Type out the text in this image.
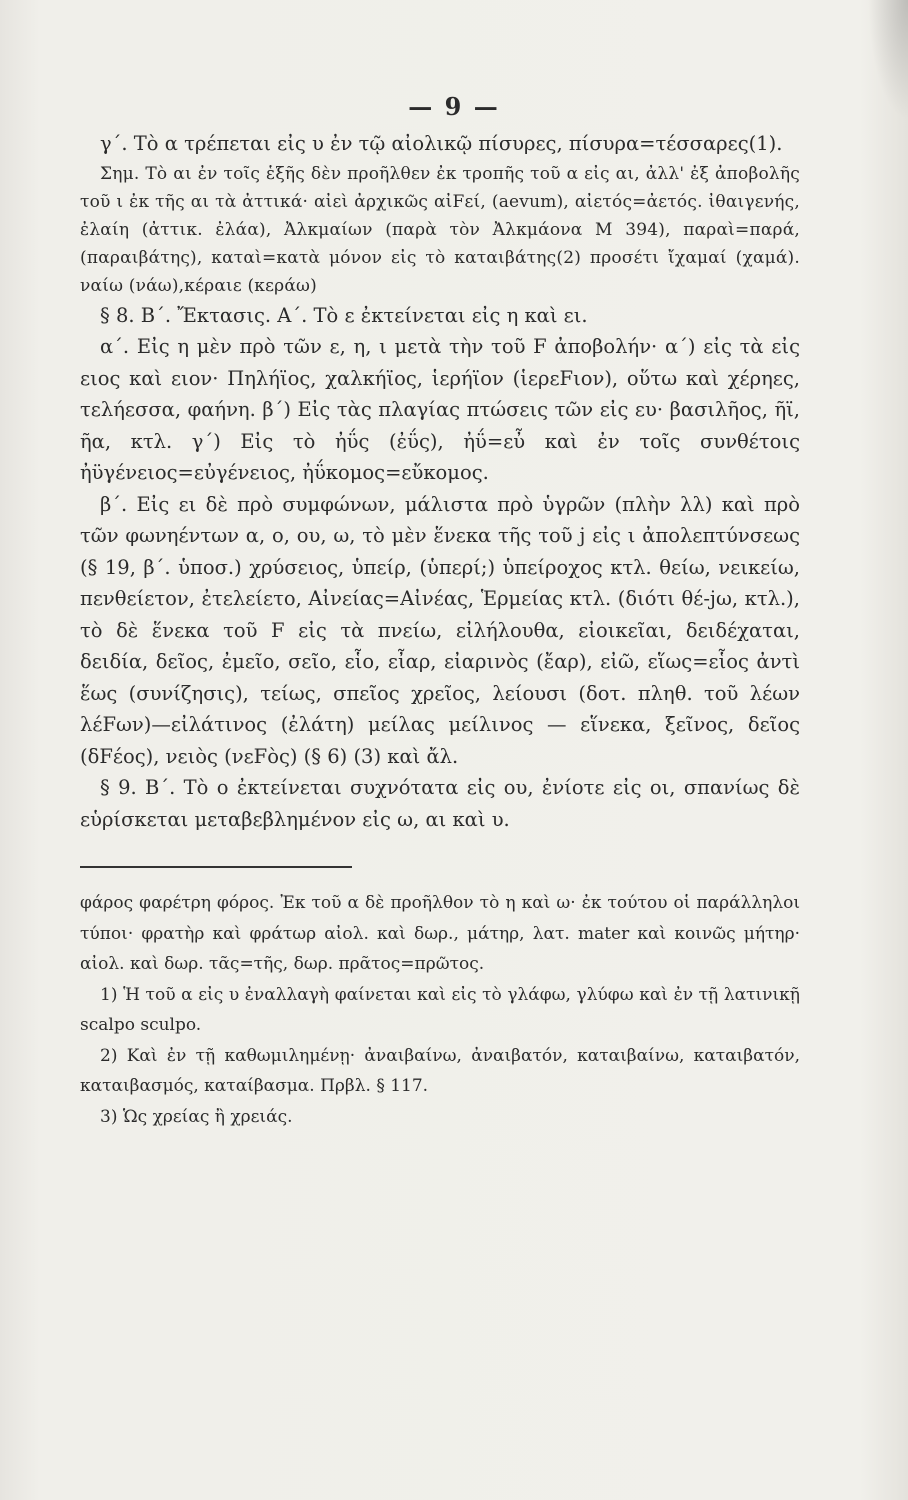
— 9 —

γ΄. Τὸ α τρέπεται εἰς υ ἐν τῷ αἰολικῷ πίσυρες, πίσυρα=τέσσαρες(1).

Σημ. Τὸ αι ἐν τοῖς ἑξῆς δὲν προῆλθεν ἐκ τροπῆς τοῦ α εἰς αι, ἀλλ' ἐξ ἀποβολῆς τοῦ ι ἐκ τῆς αι τὰ ἀττικά· αἰεὶ ἀρχικῶς αἰFεί, (aevum), αἰετός=ἀετός. ἰθαιγενής, ἐλαίη (ἀττικ. ἐλάα), Ἀλκμαίων (παρὰ τὸν Ἀλκμάονα Μ 394), παραὶ=παρά, (παραιβάτης), καταὶ=κατὰ μόνον εἰς τὸ καταιβάτης(2) προσέτι ἴχαμαί (χαμά). ναίω (νάω),κέραιε (κεράω)

§ 8. Β΄. Ἔκτασις. Α΄. Τὸ ε ἐκτείνεται εἰς η καὶ ει.

α΄. Εἰς η μὲν πρὸ τῶν ε, η, ι μετὰ τὴν τοῦ F ἀποβολήν· α΄) εἰς τὰ εἰς ειος καὶ ειον· Πηλήϊος, χαλκήϊος, ἱερήϊον (ἱερεFιον), οὕτω καὶ χέρηες, τελήεσσα, φαήνη. β΄) Εἰς τὰς πλαγίας πτώσεις τῶν εἰς ευ· βασιλῆος, ῆϊ, ῆα, κτλ. γ΄) Εἰς τὸ ἠΰς (ἐΰς), ἠΰ=εὖ καὶ ἐν τοῖς συνθέτοις ἠϋγένειος=εὐγένειος, ἠΰκομος=εὔκομος.

β΄. Εἰς ει δὲ πρὸ συμφώνων, μάλιστα πρὸ ὑγρῶν (πλὴν λλ) καὶ πρὸ τῶν φωνηέντων α, ο, ου, ω, τὸ μὲν ἕνεκα τῆς τοῦ j εἰς ι ἀπολεπτύνσεως (§ 19, β΄. ὑποσ.) χρύσειος, ὑπείρ, (ὑπερί;) ὑπείροχος κτλ. θείω, νεικείω, πενθείετον, ἐτελείετο, Αἰνείας=Αἰνέας, Ἑρμείας κτλ. (διότι θέ-jω, κτλ.), τὸ δὲ ἕνεκα τοῦ F εἰς τὰ πνείω, εἰλήλουθα, εἰοικεῖαι, δειδέχαται, δειδία, δεῖος, ἐμεῖο, σεῖο, εἷο, εἶαρ, εἰαρινὸς (ἔαρ), εἰῶ, εἵως=εἷος ἀντὶ ἕως (συνίζησις), τείως, σπεῖος χρεῖος, λείουσι (δοτ. πληθ. τοῦ λέων λέFων)—εἰλάτινος (ἐλάτη) μείλας μείλινος — εἵνεκα, ξεῖνος, δεῖος (δFέος), νειὸς (νεFὸς) (§ 6) (3) καὶ ἄλ.

§ 9. Β΄. Τὸ ο ἐκτείνεται συχνότατα εἰς ου, ἐνίοτε εἰς οι, σπανίως δὲ εὑρίσκεται μεταβεβλημένον εἰς ω, αι καὶ υ.

φάρος φαρέτρη φόρος. Ἐκ τοῦ α δὲ προῆλθον τὸ η καὶ ω· ἐκ τούτου οἱ παράλληλοι τύποι· φρατὴρ καὶ φράτωρ αἰολ. καὶ δωρ., μάτηρ, λατ. mater καὶ κοινῶς μήτηρ· αἰολ. καὶ δωρ. τᾶς=τῆς, δωρ. πρᾶτος=πρῶτος.

1) Ἡ τοῦ α εἰς υ ἐναλλαγὴ φαίνεται καὶ εἰς τὸ γλάφω, γλύφω καὶ ἐν τῇ λατινικῇ scalpo sculpo.

2) Καὶ ἐν τῇ καθωμιλημένῃ· ἀναιβαίνω, ἀναιβατόν, καταιβαίνω, καταιβατόν, καταιβασμός, καταίβασμα. Πρβλ. § 117.

3) Ὡς χρείας ἢ χρειάς.
